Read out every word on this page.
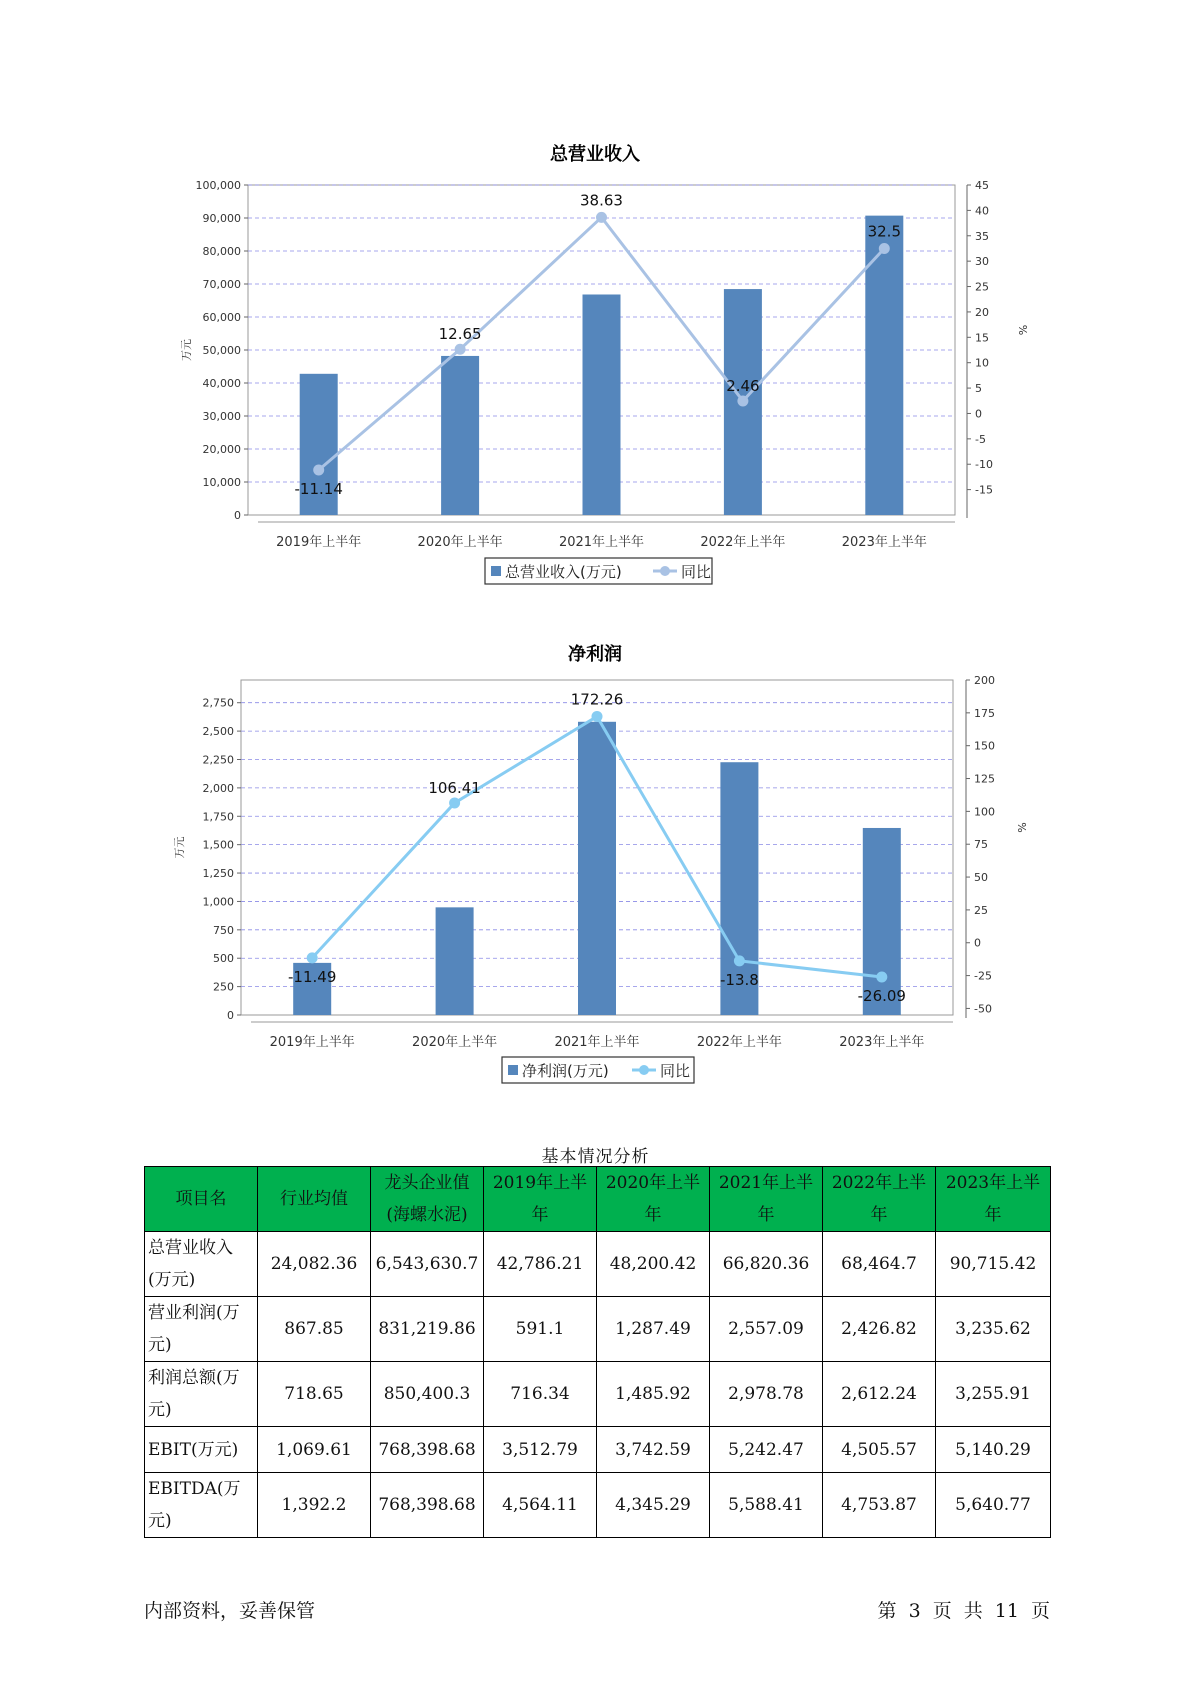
总营业收入
0
10,000
20,000
30,000
40,000
50,000
60,000
70,000
80,000
90,000
100,000
-15
-10
-5
0
5
10
15
20
25
30
35
40
45
万元
%
2019年上半年	2020年上半年	2021年上半年	2022年上半年	2023年上半年
-11.14
12.65
38.63
2.46
32.5
总营业收入(万元)	同比
净利润
0
250
500
750
1,000
1,250
1,500
1,750
2,000
2,250
2,500
2,750
-50
-25
0
25
50
75
100
125
150
175
200
万元
%
2019年上半年	2020年上半年	2021年上半年	2022年上半年	2023年上半年
-11.49
106.41
172.26
-13.8
-26.09
净利润(万元)	同比
基本情况分析
项目名	行业均值	龙头企业值(海螺水泥)	2019年上半年	2020年上半年	2021年上半年	2022年上半年	2023年上半年
总营业收入(万元)	24,082.36	6,543,630.7	42,786.21	48,200.42	66,820.36	68,464.7	90,715.42
营业利润(万元)	867.85	831,219.86	591.1	1,287.49	2,557.09	2,426.82	3,235.62
利润总额(万元)	718.65	850,400.3	716.34	1,485.92	2,978.78	2,612.24	3,255.91
EBIT(万元)	1,069.61	768,398.68	3,512.79	3,742.59	5,242.47	4,505.57	5,140.29
EBITDA(万元)	1,392.2	768,398.68	4,564.11	4,345.29	5,588.41	4,753.87	5,640.77
内部资料，妥善保管	第 3 页 共 11 页
